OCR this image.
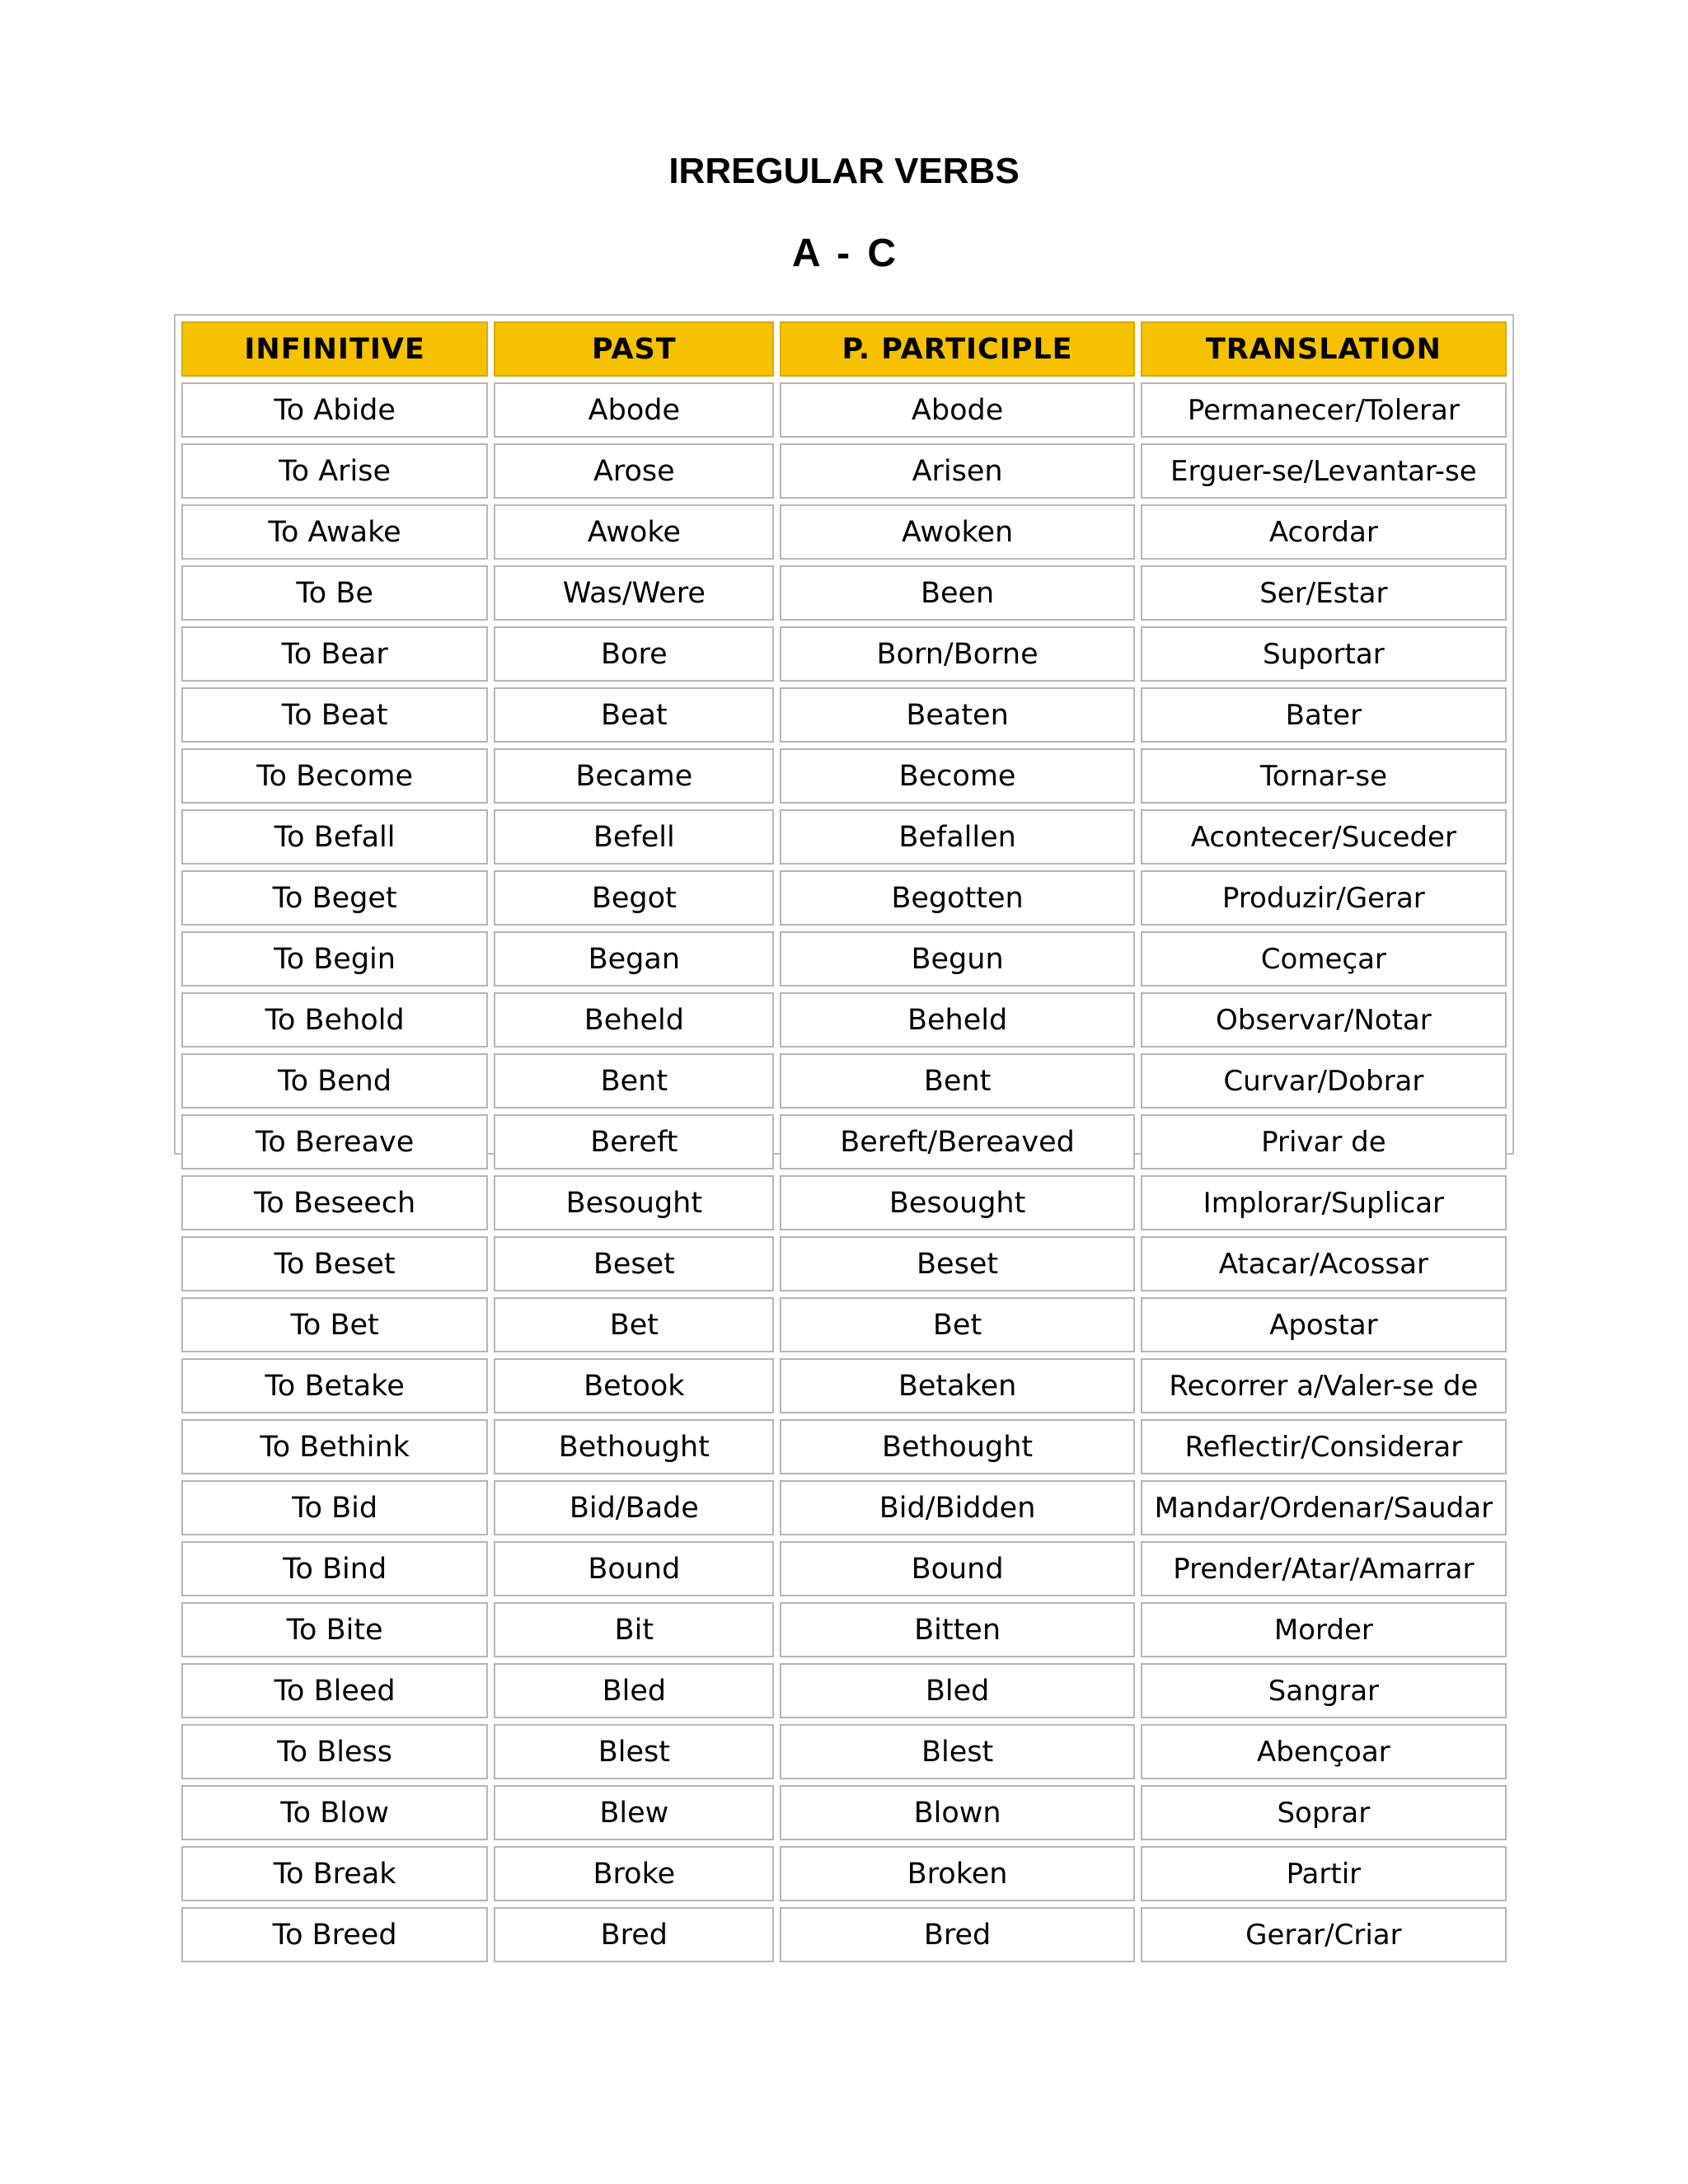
IRREGULAR VERBS
A - C
INFINITIVE	PAST	P. PARTICIPLE	TRANSLATION
To Abide	Abode	Abode	Permanecer/Tolerar
To Arise	Arose	Arisen	Erguer-se/Levantar-se
To Awake	Awoke	Awoken	Acordar
To Be	Was/Were	Been	Ser/Estar
To Bear	Bore	Born/Borne	Suportar
To Beat	Beat	Beaten	Bater
To Become	Became	Become	Tornar-se
To Befall	Befell	Befallen	Acontecer/Suceder
To Beget	Begot	Begotten	Produzir/Gerar
To Begin	Began	Begun	Começar
To Behold	Beheld	Beheld	Observar/Notar
To Bend	Bent	Bent	Curvar/Dobrar
To Bereave	Bereft	Bereft/Bereaved	Privar de
To Beseech	Besought	Besought	Implorar/Suplicar
To Beset	Beset	Beset	Atacar/Acossar
To Bet	Bet	Bet	Apostar
To Betake	Betook	Betaken	Recorrer a/Valer-se de
To Bethink	Bethought	Bethought	Reflectir/Considerar
To Bid	Bid/Bade	Bid/Bidden	Mandar/Ordenar/Saudar
To Bind	Bound	Bound	Prender/Atar/Amarrar
To Bite	Bit	Bitten	Morder
To Bleed	Bled	Bled	Sangrar
To Bless	Blest	Blest	Abençoar
To Blow	Blew	Blown	Soprar
To Break	Broke	Broken	Partir
To Breed	Bred	Bred	Gerar/Criar
